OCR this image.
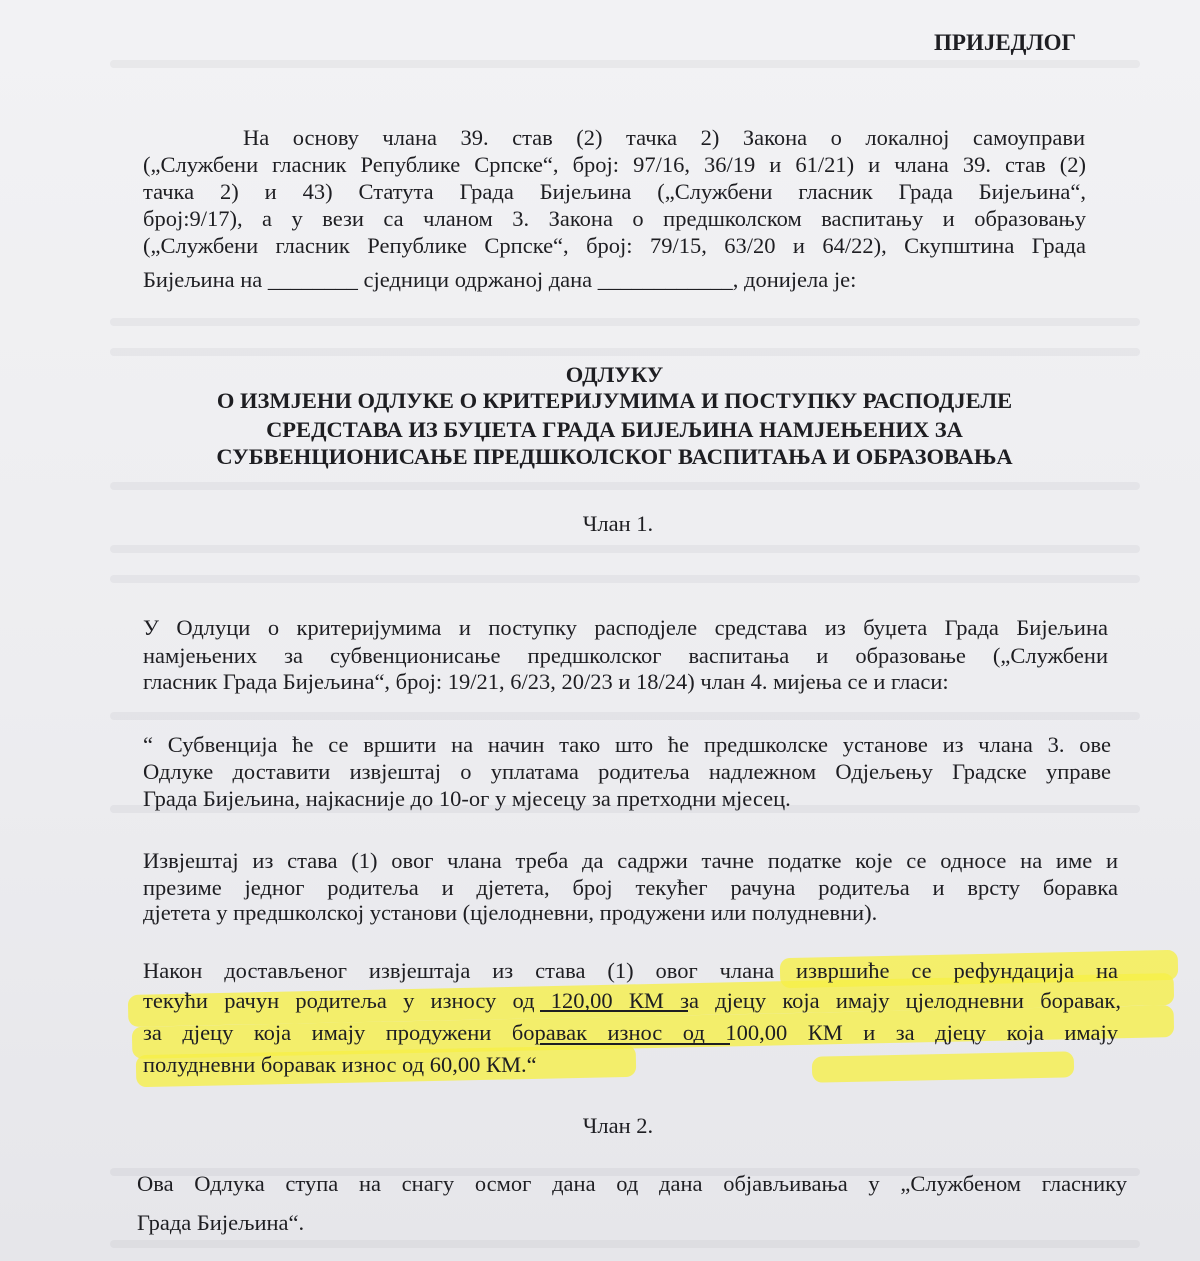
ПРИЈЕДЛОГ
На основу члана 39. став (2) тачка 2) Закона о локалној самоуправи
(„Службени гласник Републике Српске“, број: 97/16, 36/19 и 61/21) и члана 39. став (2)
тачка 2) и 43) Статута Града Бијељина („Службени гласник Града Бијељина“,
број:9/17), а у вези са чланом 3. Закона о предшколском васпитању и образовању
(„Службени гласник Републике Српске“, број: 79/15, 63/20 и 64/22), Скупштина Града
Бијељина на ________ сједници одржаној дана ____________, донијела је:
ОДЛУКУ
О ИЗМЈЕНИ ОДЛУКЕ О КРИТЕРИЈУМИМА И ПОСТУПКУ РАСПОДЈЕЛЕ
СРЕДСТАВА ИЗ БУЏЕТА ГРАДА БИЈЕЉИНА НАМЈЕЊЕНИХ ЗА
СУБВЕНЦИОНИСАЊЕ ПРЕДШКОЛСКОГ ВАСПИТАЊА И ОБРАЗОВАЊА
Члан 1.
У Одлуци о критеријумима и поступку расподјеле средстава из буџета Града Бијељина
намјењених за субвенционисање предшколског васпитања и образовање („Службени
гласник Града Бијељина“, број: 19/21, 6/23, 20/23 и 18/24) члан 4. мијења се и гласи:
“ Субвенција ће се вршити на начин тако што ће предшколске установе из члана 3. ове
Одлуке доставити извјештај о уплатама родитеља надлежном Одјељењу Градске управе
Града Бијељина, најкасније до 10-ог у мјесецу за претходни мјесец.
Извјештај из става (1) овог члана треба да садржи тачне податке које се односе на име и
презиме једног родитеља и дјетета, број текућег рачуна родитеља и врсту боравка
дјетета у предшколској установи (цјелодневни, продужени или полудневни).
Након достављеног извјештаја из става (1) овог члана извршиће се рефундација на
текући рачун родитеља у износу од 120,00 КМ за дјецу која имају цјелодневни боравак,
за дјецу која имају продужени боравак износ од 100,00 КМ и за дјецу која имају
полудневни боравак износ од 60,00 КМ.“
Члан 2.
Ова Одлука ступа на снагу осмог дана од дана објављивања у „Службеном гласнику
Града Бијељина“.
